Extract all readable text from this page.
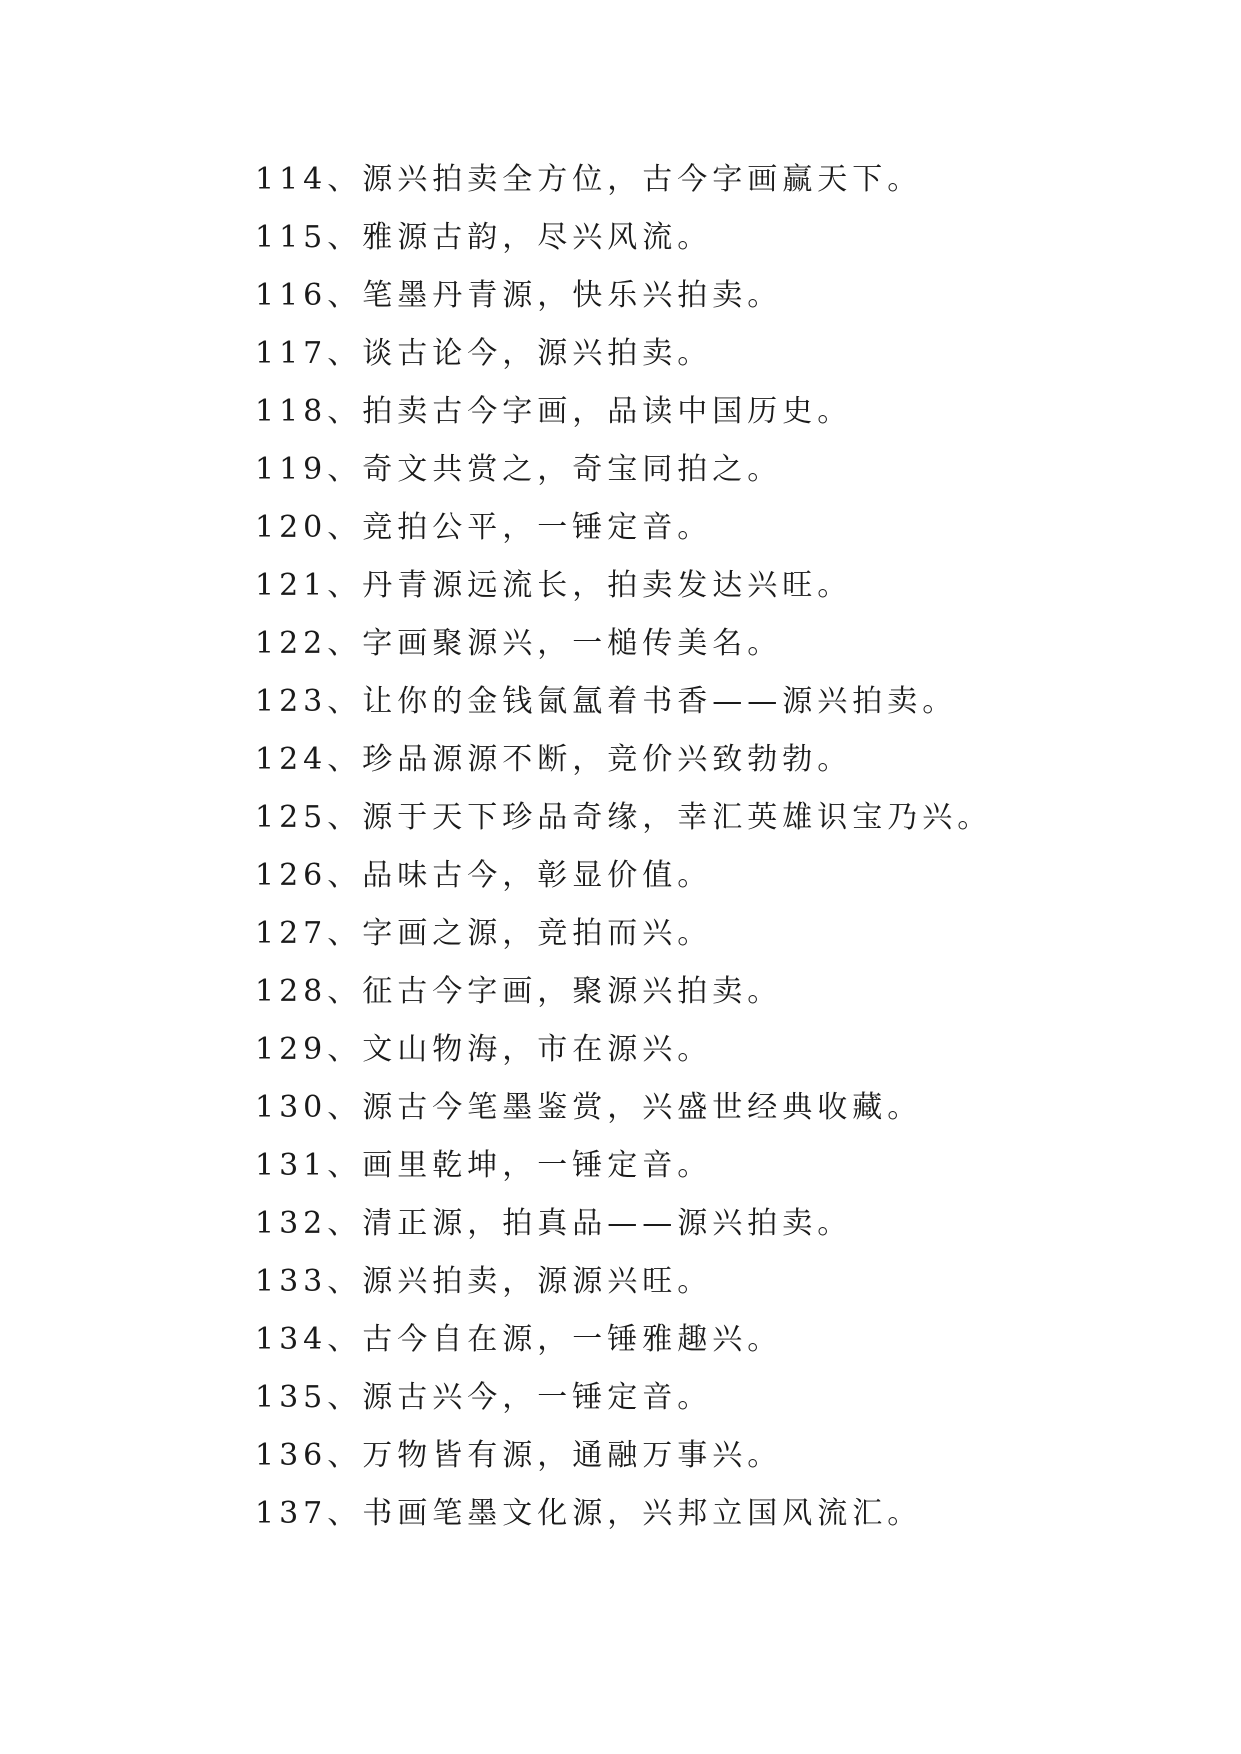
114、源兴拍卖全方位，古今字画赢天下。
115、雅源古韵，尽兴风流。
116、笔墨丹青源，快乐兴拍卖。
117、谈古论今，源兴拍卖。
118、拍卖古今字画，品读中国历史。
119、奇文共赏之，奇宝同拍之。
120、竞拍公平，一锤定音。
121、丹青源远流长，拍卖发达兴旺。
122、字画聚源兴，一槌传美名。
123、让你的金钱氤氲着书香——源兴拍卖。
124、珍品源源不断，竞价兴致勃勃。
125、源于天下珍品奇缘，幸汇英雄识宝乃兴。
126、品味古今，彰显价值。
127、字画之源，竞拍而兴。
128、征古今字画，聚源兴拍卖。
129、文山物海，市在源兴。
130、源古今笔墨鉴赏，兴盛世经典收藏。
131、画里乾坤，一锤定音。
132、清正源，拍真品——源兴拍卖。
133、源兴拍卖，源源兴旺。
134、古今自在源，一锤雅趣兴。
135、源古兴今，一锤定音。
136、万物皆有源，通融万事兴。
137、书画笔墨文化源，兴邦立国风流汇。
